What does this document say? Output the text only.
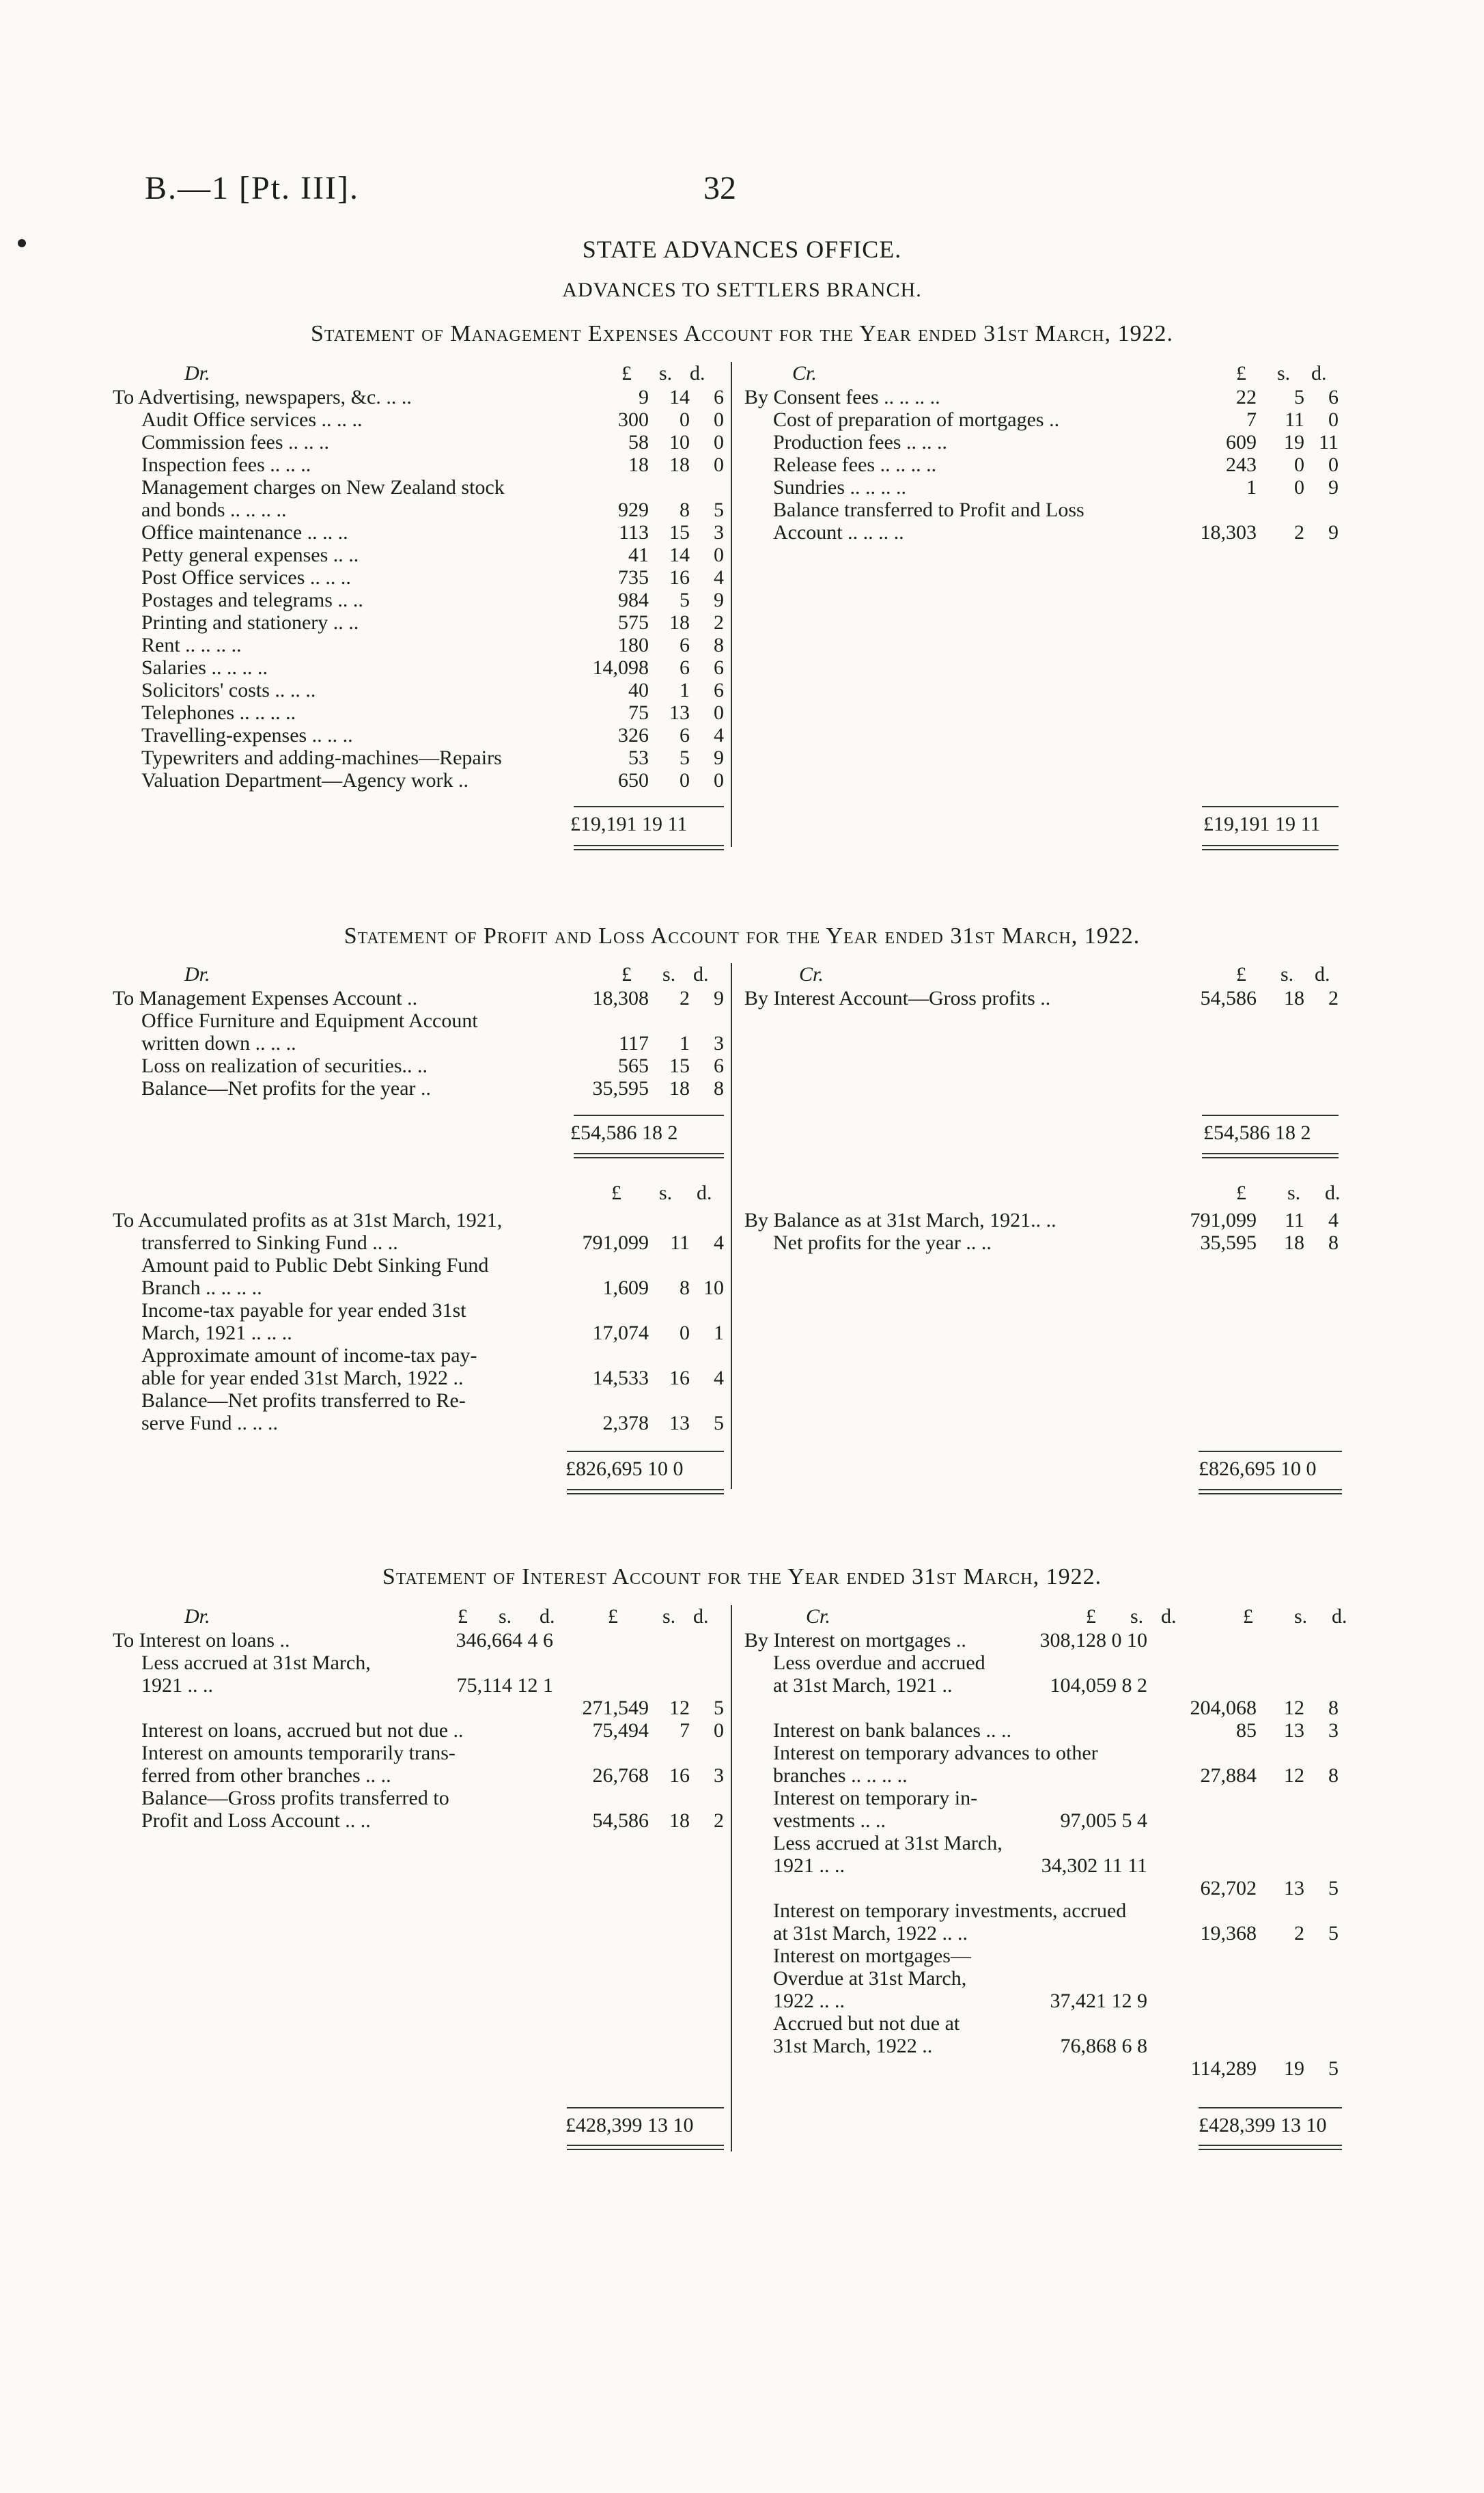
B.—1 [Pt. III].	32
STATE ADVANCES OFFICE.
ADVANCES TO SETTLERS BRANCH.
Statement of Management Expenses Account for the Year ended 31st March, 1922.
Dr.	£ s. d.	Cr.	£ s. d.
To Advertising, newspapers, &c. .. ..	9 14 6
Audit Office services .. .. ..	300 0 0
Commission fees .. .. ..	58 10 0
Inspection fees .. .. ..	18 18 0
Management charges on New Zealand stock
and bonds .. .. .. ..	929 8 5
Office maintenance .. .. ..	113 15 3
Petty general expenses .. ..	41 14 0
Post Office services .. .. ..	735 16 4
Postages and telegrams .. ..	984 5 9
Printing and stationery .. ..	575 18 2
Rent .. .. .. ..	180 6 8
Salaries .. .. .. ..	14,098 6 6
Solicitors' costs .. .. ..	40 1 6
Telephones .. .. .. ..	75 13 0
Travelling-expenses .. .. ..	326 6 4
Typewriters and adding-machines—Repairs	53 5 9
Valuation Department—Agency work ..	650 0 0
By Consent fees .. .. .. ..	22 5 6
Cost of preparation of mortgages ..	7 11 0
Production fees .. .. ..	609 19 11
Release fees .. .. .. ..	243 0 0
Sundries .. .. .. ..	1 0 9
Balance transferred to Profit and Loss
Account .. .. .. ..	18,303 2 9
£19,191 19 11	£19,191 19 11
Statement of Profit and Loss Account for the Year ended 31st March, 1922.
Dr.	£ s. d.	Cr.	£ s. d.
To Management Expenses Account ..	18,308 2 9
Office Furniture and Equipment Account
written down .. .. ..	117 1 3
Loss on realization of securities.. ..	565 15 6
Balance—Net profits for the year ..	35,595 18 8
By Interest Account—Gross profits ..	54,586 18 2
£54,586 18 2	£54,586 18 2
£ s. d.	£ s. d.
To Accumulated profits as at 31st March, 1921,
transferred to Sinking Fund .. ..	791,099 11 4
Amount paid to Public Debt Sinking Fund
Branch .. .. .. ..	1,609 8 10
Income-tax payable for year ended 31st
March, 1921 .. .. ..	17,074 0 1
Approximate amount of income-tax pay-
able for year ended 31st March, 1922 ..	14,533 16 4
Balance—Net profits transferred to Re-
serve Fund .. .. ..	2,378 13 5
By Balance as at 31st March, 1921.. ..	791,099 11 4
Net profits for the year .. ..	35,595 18 8
£826,695 10 0	£826,695 10 0
Statement of Interest Account for the Year ended 31st March, 1922.
Dr.	£ s. d.	£ s. d.	Cr.	£ s. d.	£ s. d.
To Interest on loans ..	346,664 4 6
Less accrued at 31st March,
1921 .. ..	75,114 12 1
271,549 12 5
Interest on loans, accrued but not due ..	75,494 7 0
Interest on amounts temporarily trans-
ferred from other branches .. ..	26,768 16 3
Balance—Gross profits transferred to
Profit and Loss Account .. ..	54,586 18 2
By Interest on mortgages ..	308,128 0 10
Less overdue and accrued
at 31st March, 1921 ..	104,059 8 2
204,068 12 8
Interest on bank balances .. ..	85 13 3
Interest on temporary advances to other
branches .. .. .. ..	27,884 12 8
Interest on temporary in-
vestments .. ..	97,005 5 4
Less accrued at 31st March,
1921 .. ..	34,302 11 11
62,702 13 5
Interest on temporary investments, accrued
at 31st March, 1922 .. ..	19,368 2 5
Interest on mortgages—
Overdue at 31st March,
1922 .. ..	37,421 12 9
Accrued but not due at
31st March, 1922 ..	76,868 6 8
114,289 19 5
£428,399 13 10	£428,399 13 10
